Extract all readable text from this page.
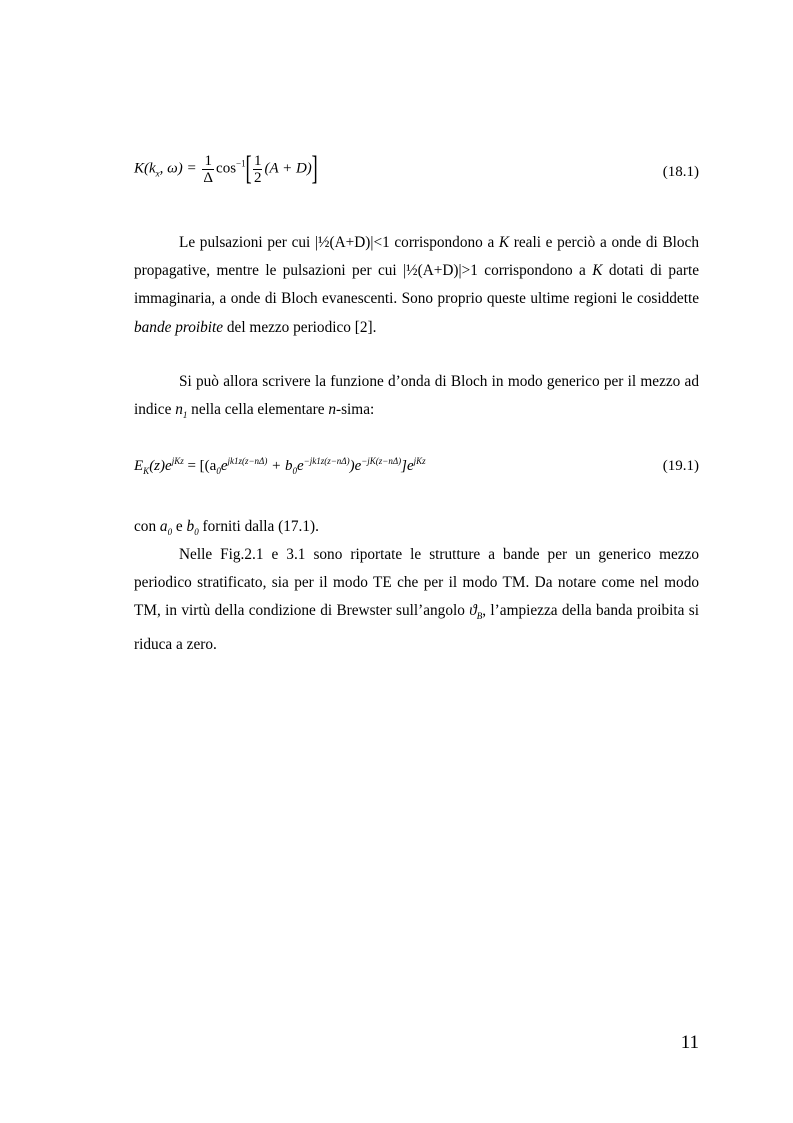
$K(k_x$, $\omega) = \frac{1}{\Delta} \cos^{-1}[ \frac{1}{2} (A + D)]$	(18.1)
Le pulsazioni per cui |½(A+D)|<1 corrispondono a K reali e perciò a onde di Bloch propagative, mentre le pulsazioni per cui |½(A+D)|>1 corrispondono a K dotati di parte immaginaria, a onde di Bloch evanescenti. Sono proprio queste ultime regioni le cosiddette bande proibite del mezzo periodico [2].
Si può allora scrivere la funzione d’onda di Bloch in modo generico per il mezzo ad indice $n_1$ nella cella elementare n-sima:
$E_K(z)e^{jKz} = [(a_0e^{jk1z(z-n\Delta)} + b_0e^{-jk1z(z-n\Delta)})e^{-jK(z-n\Delta)}]e^{jKz}$	(19.1)
con $a_0$ e $b_0$ forniti dalla (17.1).
Nelle Fig.2.1 e 3.1 sono riportate le strutture a bande per un generico mezzo periodico stratificato, sia per il modo TE che per il modo TM. Da notare come nel modo TM, in virtù della condizione di Brewster sull’angolo $ϑ_B$, l’ampiezza della banda proibita si riduca a zero.
11
